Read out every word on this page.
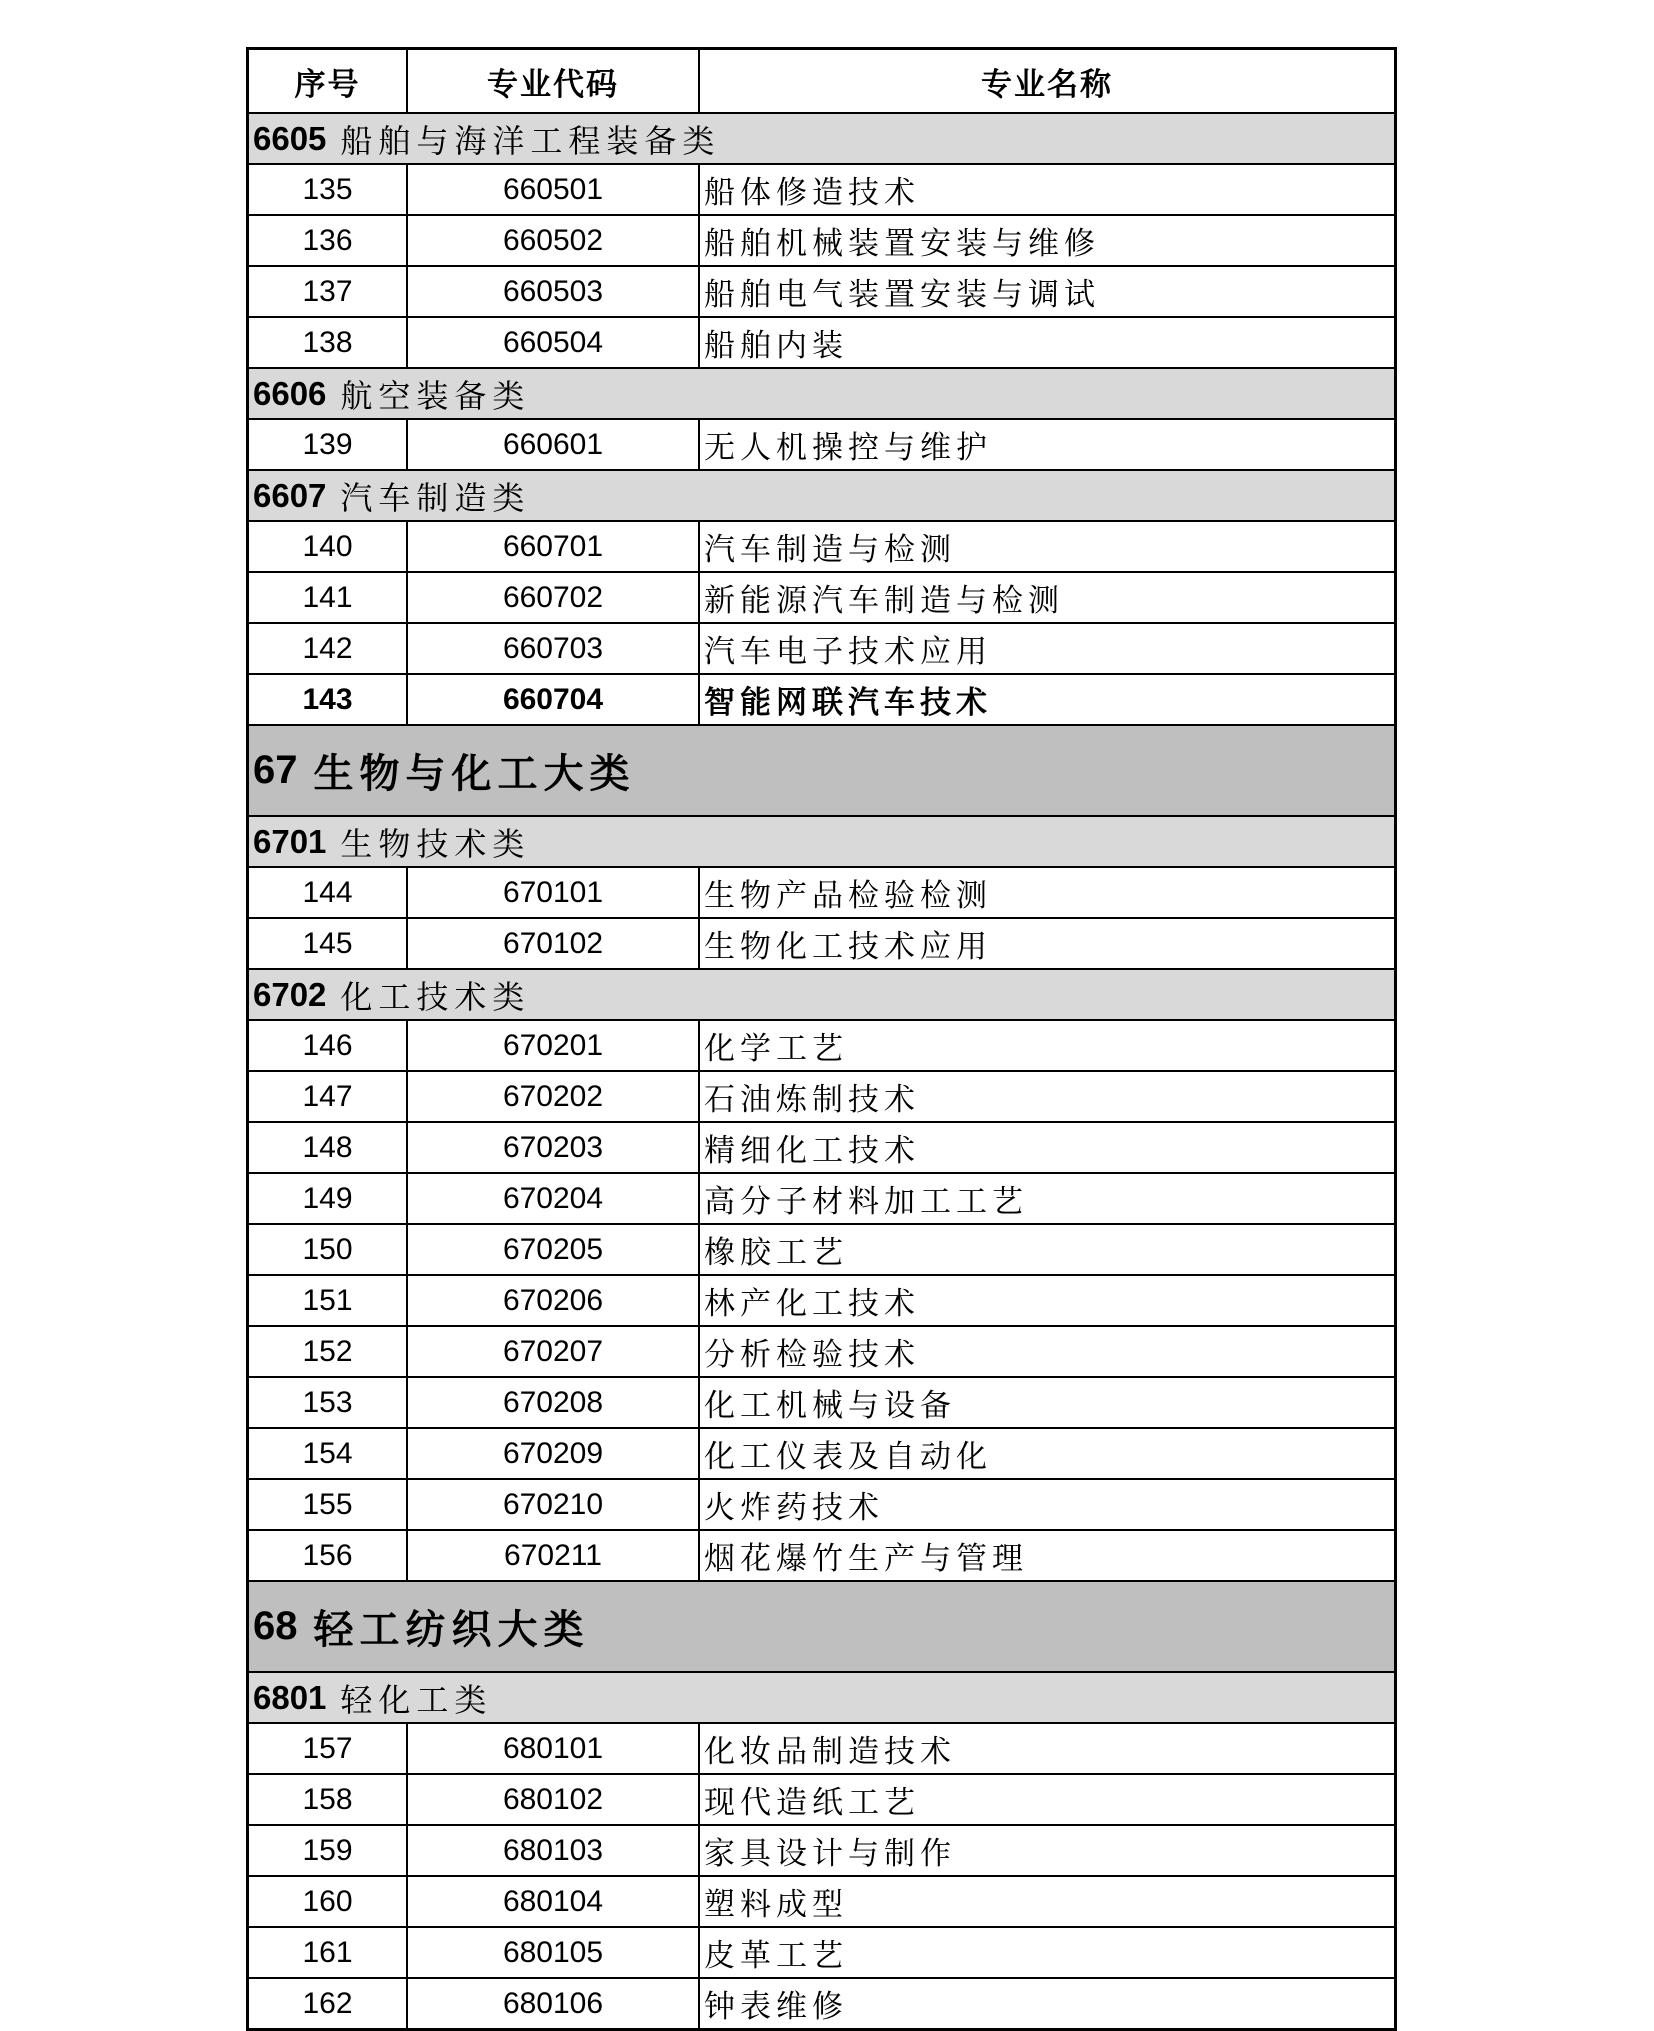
序号	专业代码	专业名称
6605 船舶与海洋工程装备类
135	660501	船体修造技术
136	660502	船舶机械装置安装与维修
137	660503	船舶电气装置安装与调试
138	660504	船舶内装
6606 航空装备类
139	660601	无人机操控与维护
6607 汽车制造类
140	660701	汽车制造与检测
141	660702	新能源汽车制造与检测
142	660703	汽车电子技术应用
143	660704	智能网联汽车技术
67 生物与化工大类
6701 生物技术类
144	670101	生物产品检验检测
145	670102	生物化工技术应用
6702 化工技术类
146	670201	化学工艺
147	670202	石油炼制技术
148	670203	精细化工技术
149	670204	高分子材料加工工艺
150	670205	橡胶工艺
151	670206	林产化工技术
152	670207	分析检验技术
153	670208	化工机械与设备
154	670209	化工仪表及自动化
155	670210	火炸药技术
156	670211	烟花爆竹生产与管理
68 轻工纺织大类
6801 轻化工类
157	680101	化妆品制造技术
158	680102	现代造纸工艺
159	680103	家具设计与制作
160	680104	塑料成型
161	680105	皮革工艺
162	680106	钟表维修
